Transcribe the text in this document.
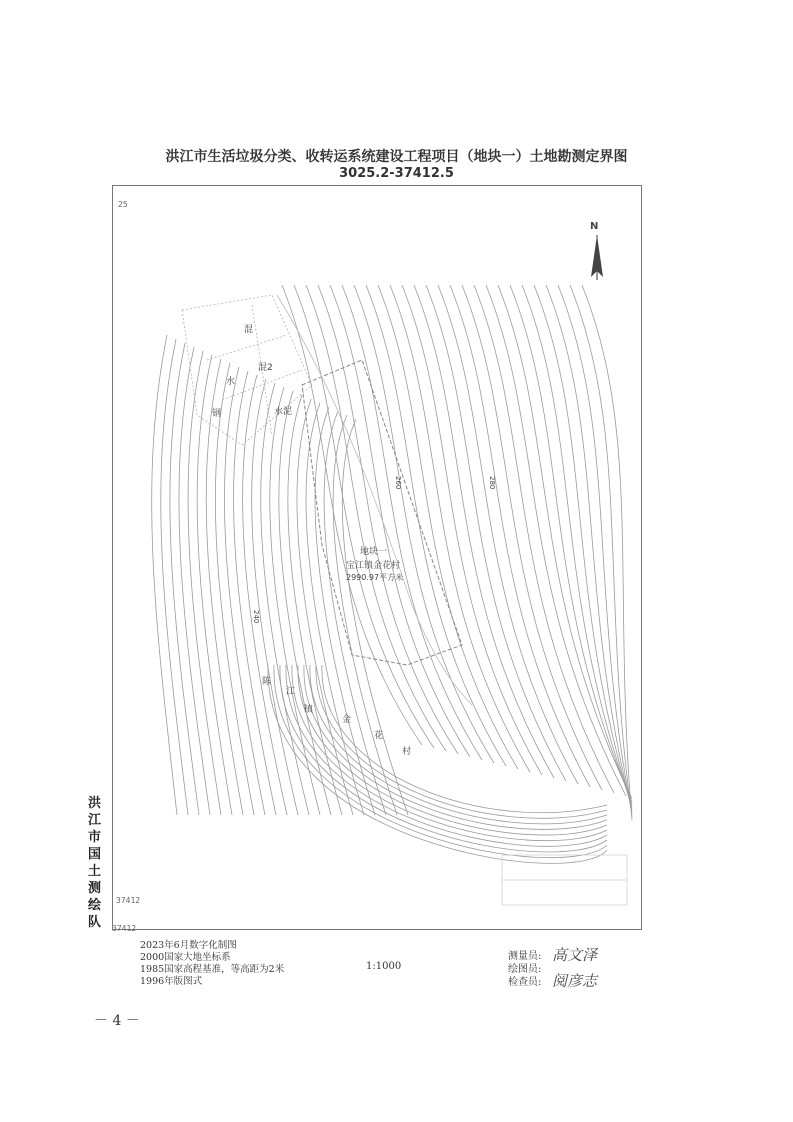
洪江市生活垃圾分类、收转运系统建设工程项目（地块一）土地勘测定界图
3025.2-37412.5
25
37412
37412
N
240
260	280
混
水
混2
钢	水泥
地块一
宝江镇金花村
2990.97平方米
陈
江
镇
金
花
村
洪江市国土测绘队
2023年6月数字化制图
2000国家大地坐标系
1985国家高程基准，等高距为2米
1996年版图式
1:1000
测量员:
绘图员:
检查员:
高文泽
阅彦志
－ 4 －
